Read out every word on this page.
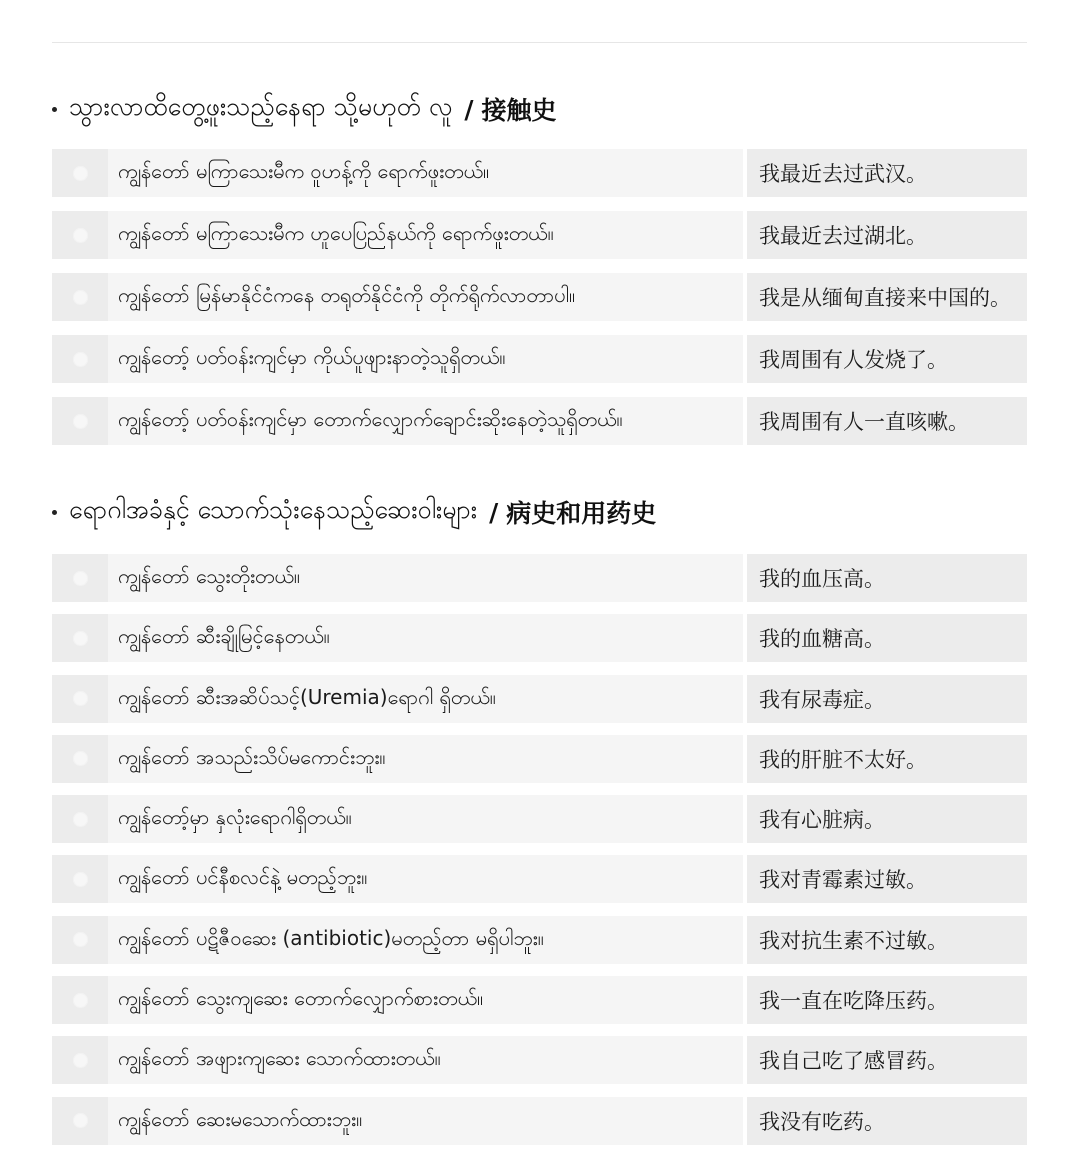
သွားလာထိတွေ့ဖူးသည့်နေရာ သို့မဟုတ် လူ / 接触史
ကျွန်တော် မကြာသေးမီက ဝူဟန့်ကို ရောက်ဖူးတယ်။	我最近去过武汉。
ကျွန်တော် မကြာသေးမီက ဟူပေပြည်နယ်ကို ရောက်ဖူးတယ်။	我最近去过湖北。
ကျွန်တော် မြန်မာနိုင်ငံကနေ တရုတ်နိုင်ငံကို တိုက်ရိုက်လာတာပါ။	我是从缅甸直接来中国的。
ကျွန်တော့် ပတ်ဝန်းကျင်မှာ ကိုယ်ပူဖျားနာတဲ့သူရှိတယ်။	我周围有人发烧了。
ကျွန်တော့် ပတ်ဝန်းကျင်မှာ တောက်လျှောက်ချောင်းဆိုးနေတဲ့သူရှိတယ်။	我周围有人一直咳嗽。
ရောဂါအခံနှင့် သောက်သုံးနေသည့်ဆေးဝါးများ / 病史和用药史
ကျွန်တော် သွေးတိုးတယ်။	我的血压高。
ကျွန်တော် ဆီးချိုမြင့်နေတယ်။	我的血糖高。
ကျွန်တော် ဆီးအဆိပ်သင့်(Uremia)ရောဂါ ရှိတယ်။	我有尿毒症。
ကျွန်တော် အသည်းသိပ်မကောင်းဘူး။	我的肝脏不太好。
ကျွန်တော့်မှာ နှလုံးရောဂါရှိတယ်။	我有心脏病。
ကျွန်တော် ပင်နီစလင်နဲ့ မတည့်ဘူး။	我对青霉素过敏。
ကျွန်တော် ပဋိဇီဝဆေး (antibiotic)မတည့်တာ မရှိပါဘူး။	我对抗生素不过敏。
ကျွန်တော် သွေးကျဆေး တောက်လျှောက်စားတယ်။	我一直在吃降压药。
ကျွန်တော် အဖျားကျဆေး သောက်ထားတယ်။	我自己吃了感冒药。
ကျွန်တော် ဆေးမသောက်ထားဘူး။	我没有吃药。
